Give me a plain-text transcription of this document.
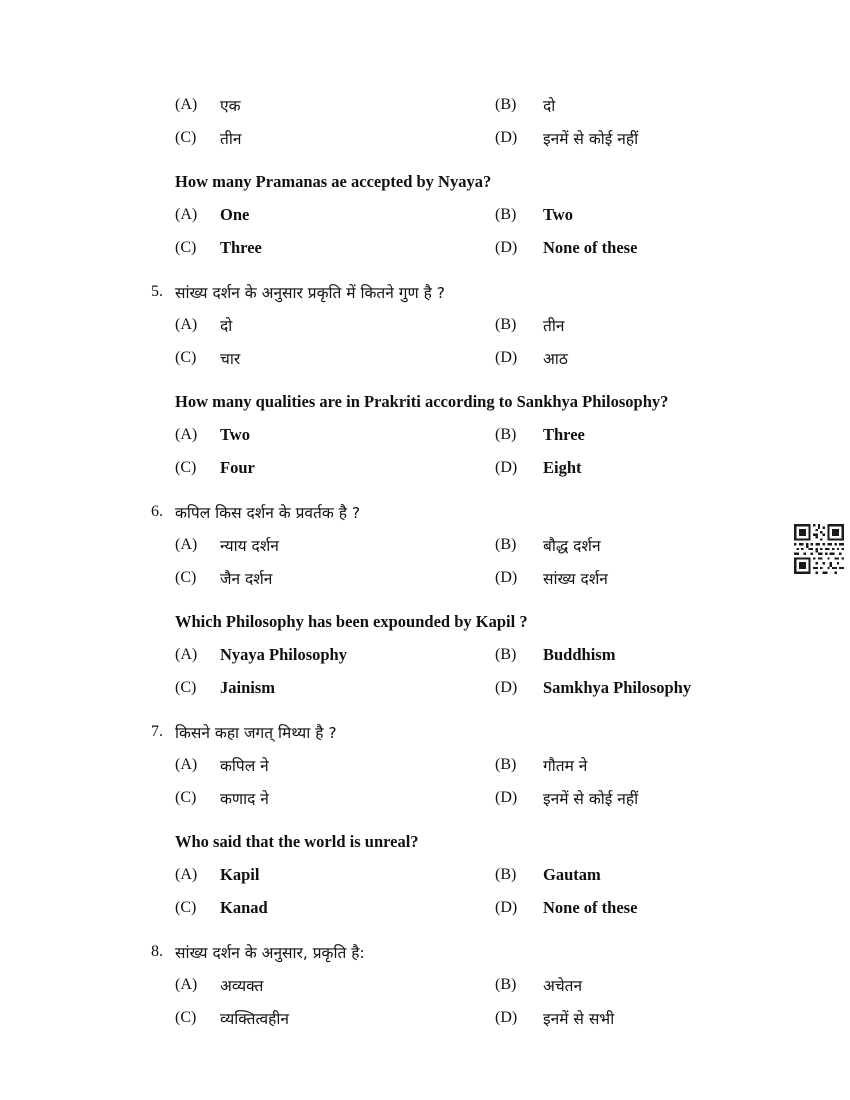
(A)	एक	(B)	दो
(C)	तीन	(D)	इनमें से कोई नहीं

How many Pramanas ae accepted by Nyaya?

(A)	One	(B)	Two
(C)	Three	(D)	None of these

5. सांख्य दर्शन के अनुसार प्रकृति में कितने गुण है ?

(A)	दो	(B)	तीन
(C)	चार	(D)	आठ

How many qualities are in Prakriti according to Sankhya Philosophy?

(A)	Two	(B)	Three
(C)	Four	(D)	Eight

6. कपिल किस दर्शन के प्रवर्तक है ?

(A)	न्याय दर्शन	(B)	बौद्ध दर्शन
(C)	जैन दर्शन	(D)	सांख्य दर्शन

Which Philosophy has been expounded by Kapil ?

(A)	Nyaya Philosophy	(B)	Buddhism
(C)	Jainism	(D)	Samkhya Philosophy

7. किसने कहा जगत् मिथ्या है ?

(A)	कपिल ने	(B)	गौतम ने
(C)	कणाद ने	(D)	इनमें से कोई नहीं

Who said that the world is unreal?

(A)	Kapil	(B)	Gautam
(C)	Kanad	(D)	None of these

8. सांख्य दर्शन के अनुसार, प्रकृति है:

(A)	अव्यक्त	(B)	अचेतन
(C)	व्यक्तित्वहीन	(D)	इनमें से सभी
